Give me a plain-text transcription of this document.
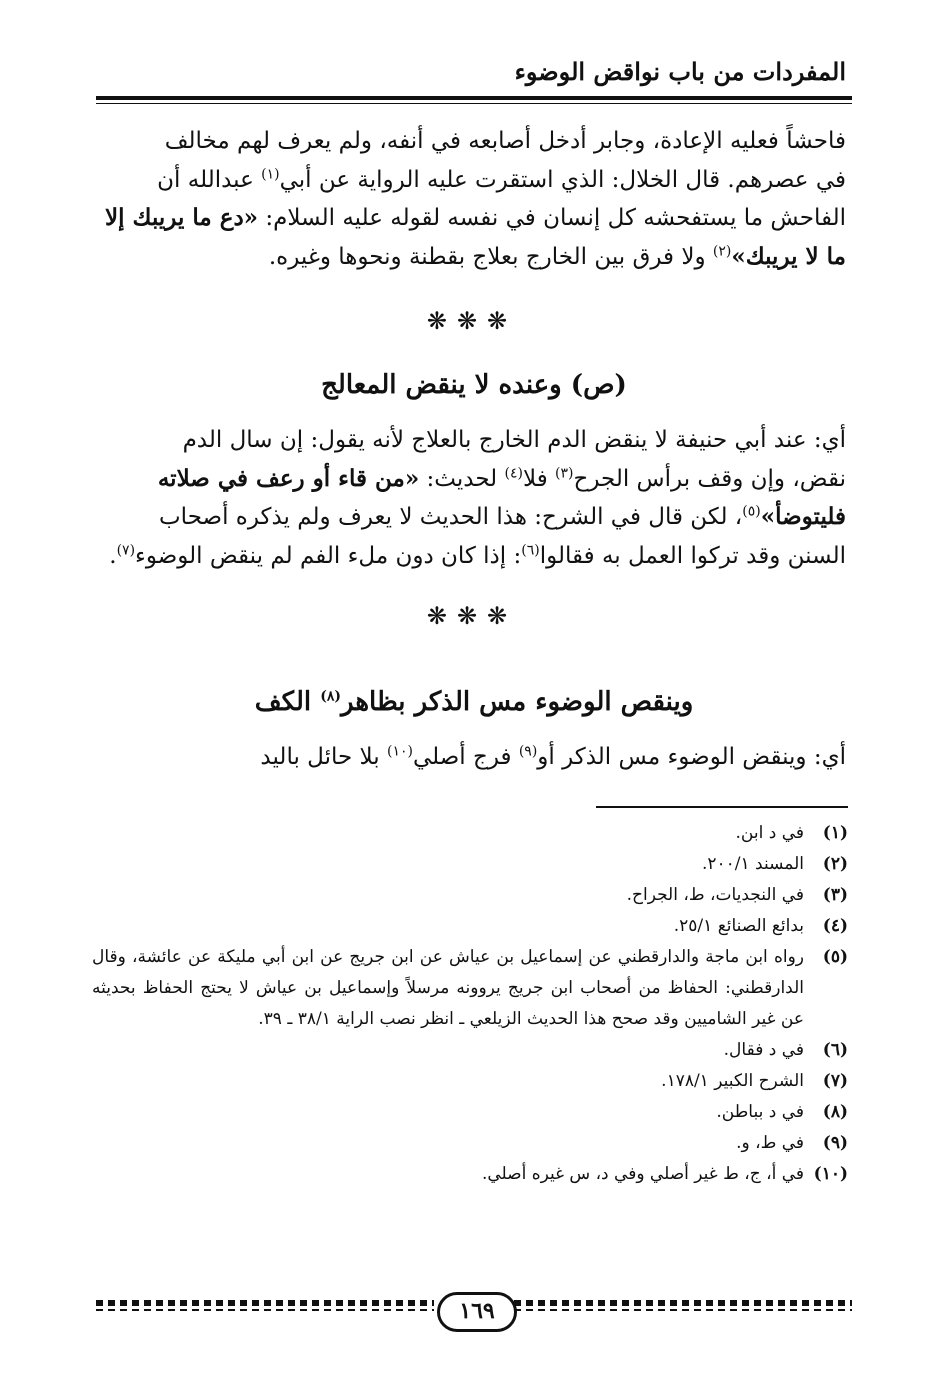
المفردات من باب نواقض الوضوء
فاحشاً فعليه الإعادة، وجابر أدخل أصابعه في أنفه، ولم يعرف لهم مخالف
في عصرهم. قال الخلال: الذي استقرت عليه الرواية عن أبي$^{(١)}$ عبدالله أن
الفاحش ما يستفحشه كل إنسان في نفسه لقوله عليه السلام: «دع ما يريبك إلا
ما لا يريبك»$^{(٢)}$ ولا فرق بين الخارج بعلاج بقطنة ونحوها وغيره.
❋❋❋
(ص) وعنده لا ينقض المعالج
أي: عند أبي حنيفة لا ينقض الدم الخارج بالعلاج لأنه يقول: إن سال الدم
نقض، وإن وقف برأس الجرح$^{(٣)}$ فلا$^{(٤)}$ لحديث: «من قاء أو رعف في صلاته
فليتوضأ»$^{(٥)}$، لكن قال في الشرح: هذا الحديث لا يعرف ولم يذكره أصحاب
السنن وقد تركوا العمل به فقالوا$^{(٦)}$: إذا كان دون ملء الفم لم ينقض الوضوء$^{(٧)}$.
❋❋❋
وينقص الوضوء مس الذكر بظاهر$^{(٨)}$ الكف
أي: وينقض الوضوء مس الذكر أو$^{(٩)}$ فرج أصلي$^{(١٠)}$ بلا حائل باليد
(١)
في د ابن.
(٢)
المسند ٢٠٠/١.
(٣)
في النجديات، ط، الجراح.
(٤)
بدائع الصنائع ٢٥/١.
(٥)
رواه ابن ماجة والدارقطني عن إسماعيل بن عياش عن ابن جريج عن ابن أبي مليكة عن عائشة، وقال الدارقطني: الحفاظ من أصحاب ابن جريج يروونه مرسلاً وإسماعيل بن عياش لا يحتج الحفاظ بحديثه عن غير الشاميين وقد صحح هذا الحديث الزيلعي ـ انظر نصب الراية ٣٨/١ ـ ٣٩.
(٦)
في د فقال.
(٧)
الشرح الكبير ١٧٨/١.
(٨)
في د بباطن.
(٩)
في ط، و.
(١٠)
في أ، ج، ط غير أصلي وفي د، س غيره أصلي.
١٦٩
